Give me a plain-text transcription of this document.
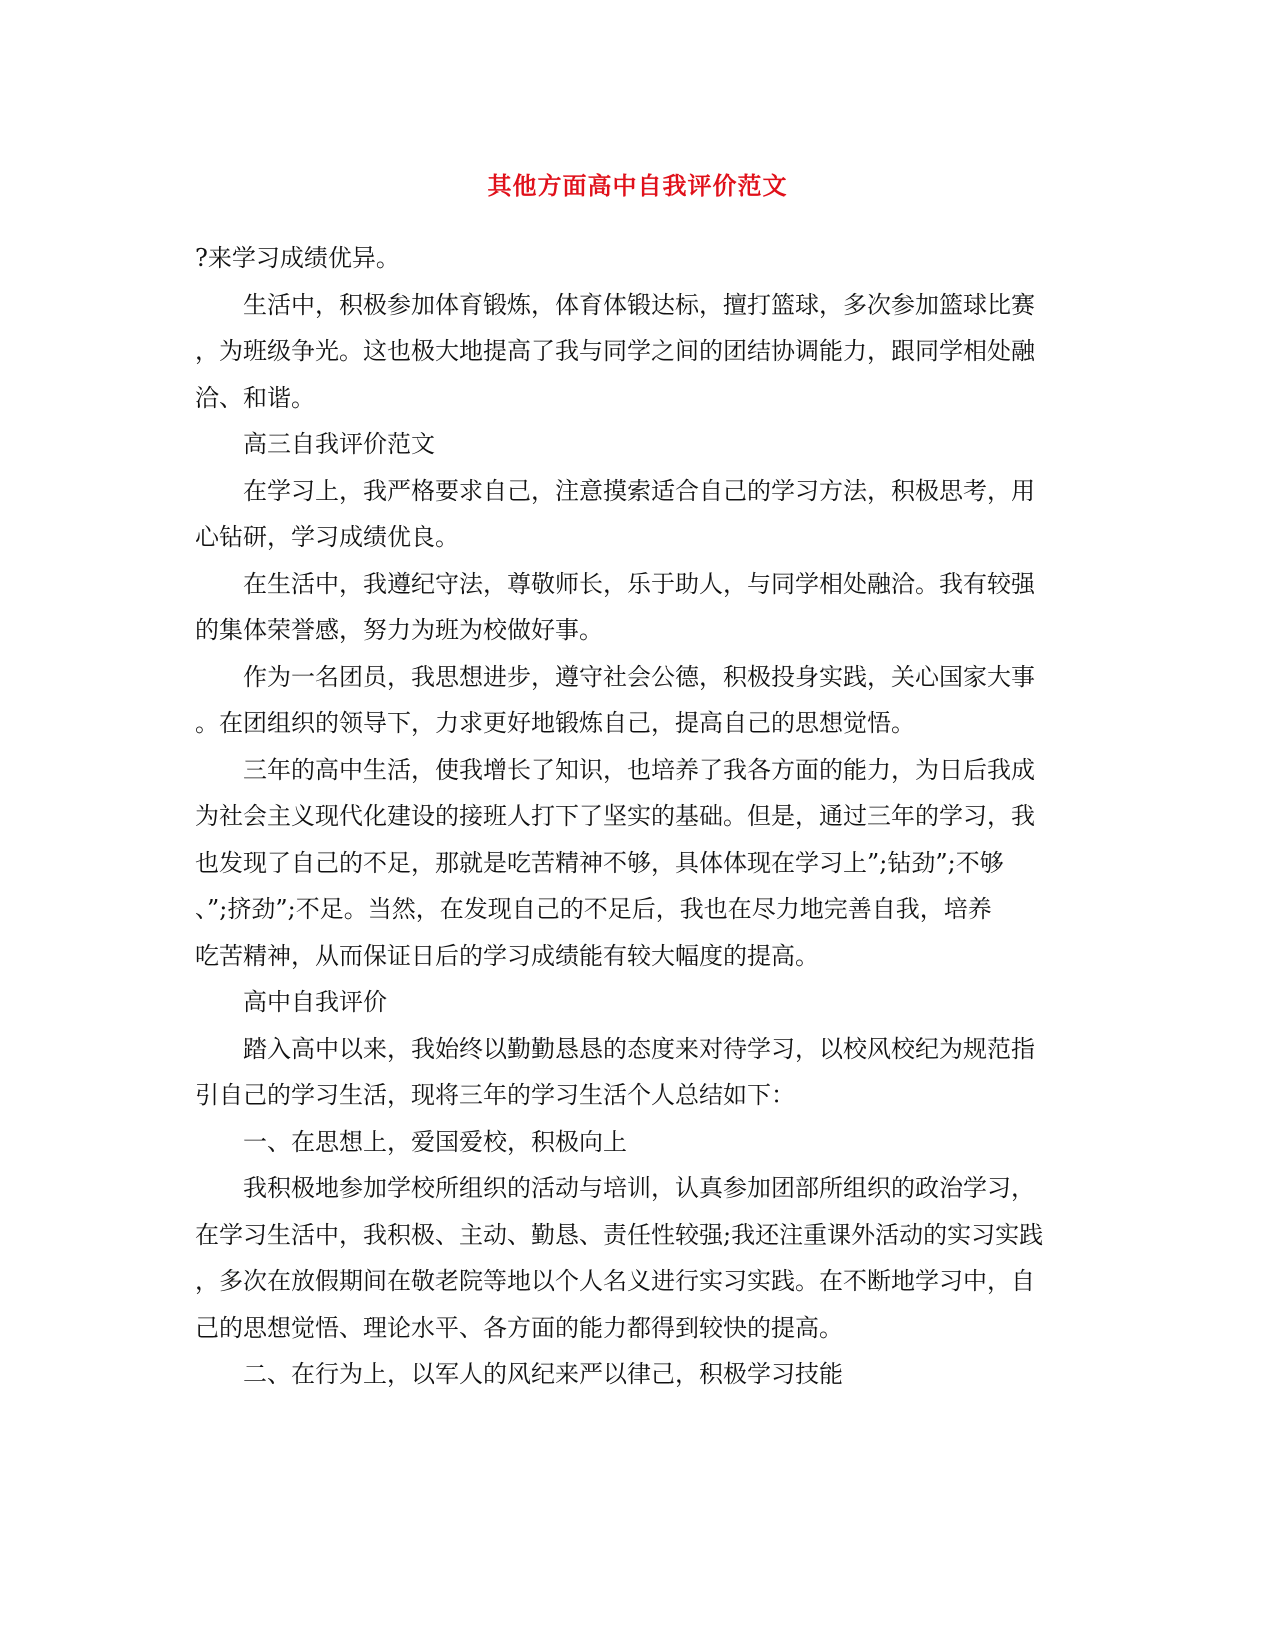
其他方面高中自我评价范文
?来学习成绩优异。
生活中，积极参加体育锻炼，体育体锻达标，擅打篮球，多次参加篮球比赛
，为班级争光。这也极大地提高了我与同学之间的团结协调能力，跟同学相处融
洽、和谐。
高三自我评价范文
在学习上，我严格要求自己，注意摸索适合自己的学习方法，积极思考，用
心钻研，学习成绩优良。
在生活中，我遵纪守法，尊敬师长，乐于助人，与同学相处融洽。我有较强
的集体荣誉感，努力为班为校做好事。
作为一名团员，我思想进步，遵守社会公德，积极投身实践，关心国家大事
。在团组织的领导下，力求更好地锻炼自己，提高自己的思想觉悟。
三年的高中生活，使我增长了知识，也培养了我各方面的能力，为日后我成
为社会主义现代化建设的接班人打下了坚实的基础。但是，通过三年的学习，我
也发现了自己的不足，那就是吃苦精神不够，具体体现在学习上”;钻劲”;不够
、”;挤劲”;不足。当然，在发现自己的不足后，我也在尽力地完善自我，培养
吃苦精神，从而保证日后的学习成绩能有较大幅度的提高。
高中自我评价
踏入高中以来，我始终以勤勤恳恳的态度来对待学习，以校风校纪为规范指
引自己的学习生活，现将三年的学习生活个人总结如下：
一、在思想上，爱国爱校，积极向上
我积极地参加学校所组织的活动与培训，认真参加团部所组织的政治学习，
在学习生活中，我积极、主动、勤恳、责任性较强;我还注重课外活动的实习实践
，多次在放假期间在敬老院等地以个人名义进行实习实践。在不断地学习中，自
己的思想觉悟、理论水平、各方面的能力都得到较快的提高。
二、在行为上，以军人的风纪来严以律己，积极学习技能
